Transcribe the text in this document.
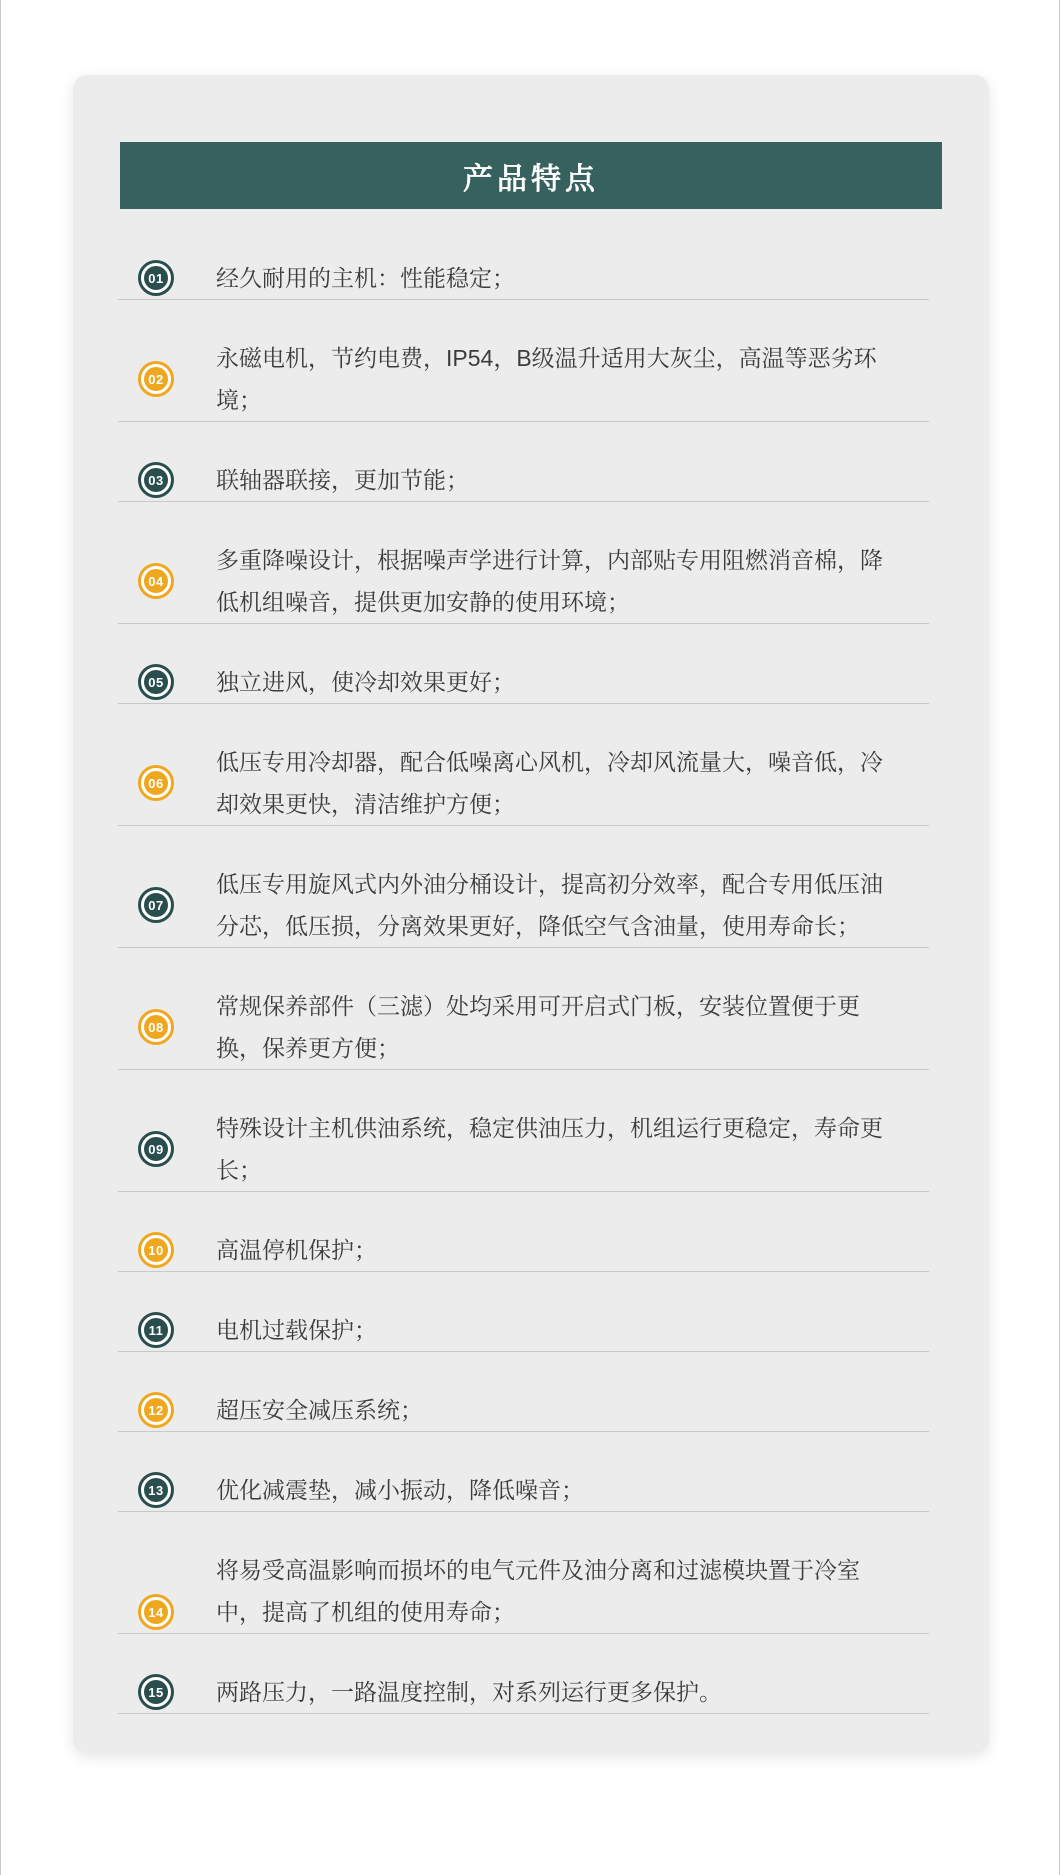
产品特点
01 经久耐用的主机：性能稳定；
02
永磁电机，节约电费，IP54，B级温升适用大灰尘，高温等恶劣环境；
03 联轴器联接，更加节能；
04
多重降噪设计，根据噪声学进行计算，内部贴专用阻燃消音棉，降低机组噪音，提供更加安静的使用环境；
05 独立进风，使冷却效果更好；
06
低压专用冷却器，配合低噪离心风机，冷却风流量大，噪音低，冷却效果更快，清洁维护方便；
07
低压专用旋风式内外油分桶设计，提高初分效率，配合专用低压油分芯，低压损，分离效果更好，降低空气含油量，使用寿命长；
08
常规保养部件（三滤）处均采用可开启式门板，安装位置便于更换，保养更方便；
09
特殊设计主机供油系统，稳定供油压力，机组运行更稳定，寿命更长；
10 高温停机保护；
11 电机过载保护；
12 超压安全减压系统；
13 优化减震垫，减小振动，降低噪音；
14
将易受高温影响而损坏的电气元件及油分离和过滤模块置于冷室中，提高了机组的使用寿命；
15 两路压力，一路温度控制，对系列运行更多保护。
